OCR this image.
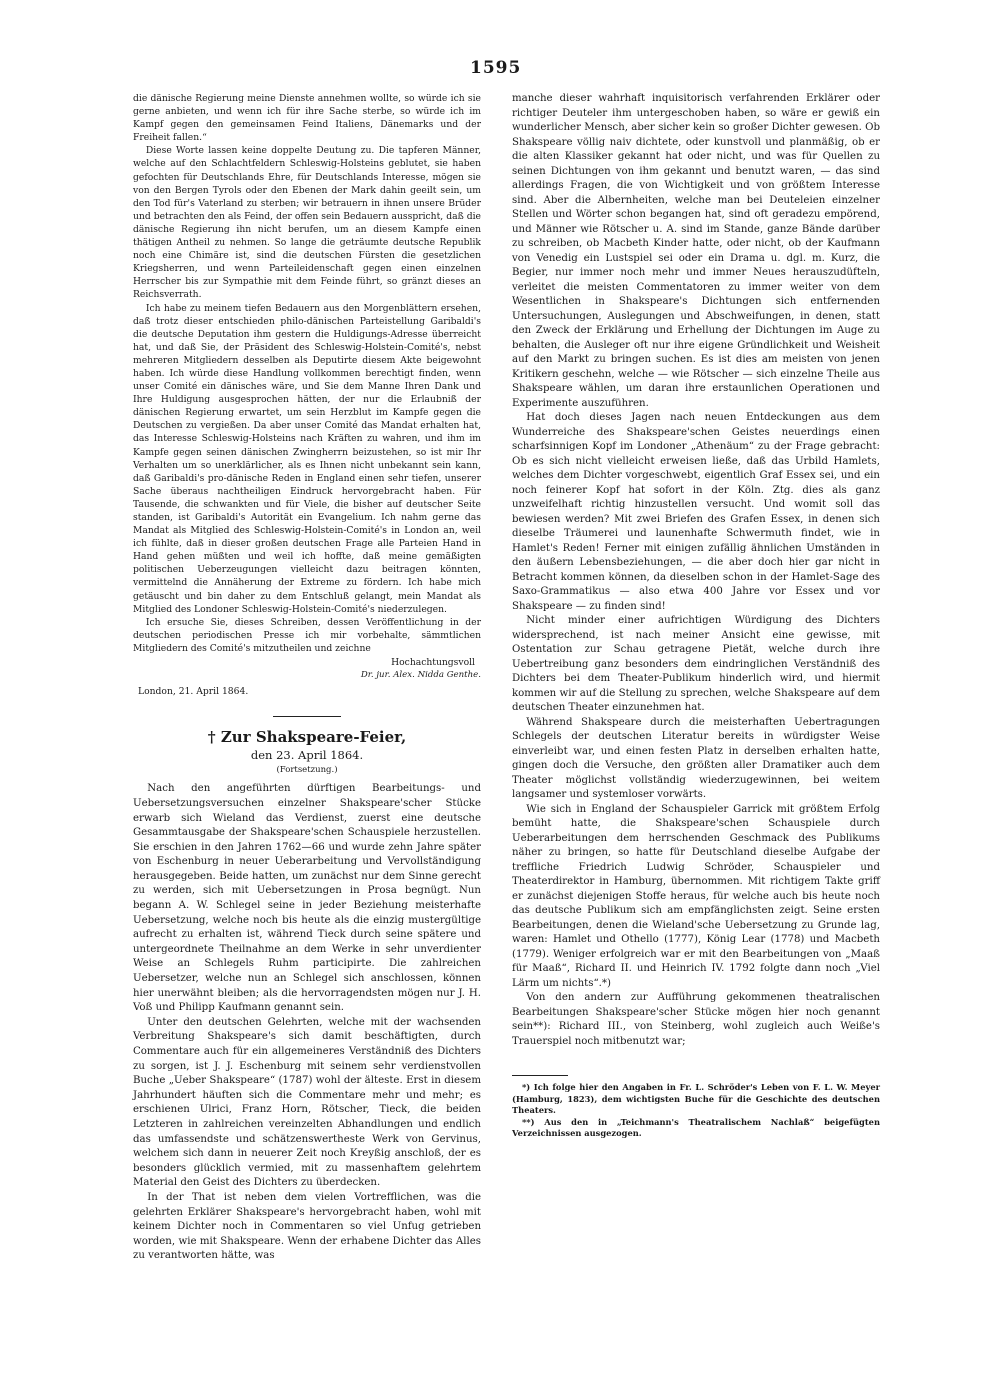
1595

die dänische Regierung meine Dienste annehmen wollte, so würde ich sie gerne anbieten, und wenn ich für ihre Sache sterbe, so würde ich im Kampf gegen den gemeinsamen Feind Italiens, Dänemarks und der Freiheit fallen.“

Diese Worte lassen keine doppelte Deutung zu. Die tapferen Männer, welche auf den Schlachtfeldern Schleswig-Holsteins geblutet, sie haben gefochten für Deutschlands Ehre, für Deutschlands Interesse, mögen sie von den Bergen Tyrols oder den Ebenen der Mark dahin geeilt sein, um den Tod für's Vaterland zu sterben; wir betrauern in ihnen unsere Brüder und betrachten den als Feind, der offen sein Bedauern ausspricht, daß die dänische Regierung ihn nicht berufen, um an diesem Kampfe einen thätigen Antheil zu nehmen. So lange die geträumte deutsche Republik noch eine Chimäre ist, sind die deutschen Fürsten die gesetzlichen Kriegsherren, und wenn Parteileidenschaft gegen einen einzelnen Herrscher bis zur Sympathie mit dem Feinde führt, so gränzt dieses an Reichsverrath.

Ich habe zu meinem tiefen Bedauern aus den Morgenblättern ersehen, daß trotz dieser entschieden philo-dänischen Parteistellung Garibaldi's die deutsche Deputation ihm gestern die Huldigungs-Adresse überreicht hat, und daß Sie, der Präsident des Schleswig-Holstein-Comité's, nebst mehreren Mitgliedern desselben als Deputirte diesem Akte beigewohnt haben. Ich würde diese Handlung vollkommen berechtigt finden, wenn unser Comité ein dänisches wäre, und Sie dem Manne Ihren Dank und Ihre Huldigung ausgesprochen hätten, der nur die Erlaubniß der dänischen Regierung erwartet, um sein Herzblut im Kampfe gegen die Deutschen zu vergießen. Da aber unser Comité das Mandat erhalten hat, das Interesse Schleswig-Holsteins nach Kräften zu wahren, und ihm im Kampfe gegen seinen dänischen Zwingherrn beizustehen, so ist mir Ihr Verhalten um so unerklärlicher, als es Ihnen nicht unbekannt sein kann, daß Garibaldi's pro-dänische Reden in England einen sehr tiefen, unserer Sache überaus nachtheiligen Eindruck hervorgebracht haben. Für Tausende, die schwankten und für Viele, die bisher auf deutscher Seite standen, ist Garibaldi's Autorität ein Evangelium. Ich nahm gerne das Mandat als Mitglied des Schleswig-Holstein-Comité's in London an, weil ich fühlte, daß in dieser großen deutschen Frage alle Parteien Hand in Hand gehen müßten und weil ich hoffte, daß meine gemäßigten politischen Ueberzeugungen vielleicht dazu beitragen könnten, vermittelnd die Annäherung der Extreme zu fördern. Ich habe mich getäuscht und bin daher zu dem Entschluß gelangt, mein Mandat als Mitglied des Londoner Schleswig-Holstein-Comité's niederzulegen.

Ich ersuche Sie, dieses Schreiben, dessen Veröffentlichung in der deutschen periodischen Presse ich mir vorbehalte, sämmtlichen Mitgliedern des Comité's mitzutheilen und zeichne

Hochachtungsvoll
Dr. jur. Alex. Nidda Genthe.
London, 21. April 1864.
† Zur Shakspeare-Feier,
den 23. April 1864.
(Fortsetzung.)

Nach den angeführten dürftigen Bearbeitungs- und Uebersetzungsversuchen einzelner Shakspeare'scher Stücke erwarb sich Wieland das Verdienst, zuerst eine deutsche Gesammtausgabe der Shakspeare'schen Schauspiele herzustellen. Sie erschien in den Jahren 1762—66 und wurde zehn Jahre später von Eschenburg in neuer Ueberarbeitung und Vervollständigung herausgegeben. Beide hatten, um zunächst nur dem Sinne gerecht zu werden, sich mit Uebersetzungen in Prosa begnügt. Nun begann A. W. Schlegel seine in jeder Beziehung meisterhafte Uebersetzung, welche noch bis heute als die einzig mustergültige aufrecht zu erhalten ist, während Tieck durch seine spätere und untergeordnete Theilnahme an dem Werke in sehr unverdienter Weise an Schlegels Ruhm participirte. Die zahlreichen Uebersetzer, welche nun an Schlegel sich anschlossen, können hier unerwähnt bleiben; als die hervorragendsten mögen nur J. H. Voß und Philipp Kaufmann genannt sein.

Unter den deutschen Gelehrten, welche mit der wachsenden Verbreitung Shakspeare's sich damit beschäftigten, durch Commentare auch für ein allgemeineres Verständniß des Dichters zu sorgen, ist J. J. Eschenburg mit seinem sehr verdienstvollen Buche „Ueber Shakspeare“ (1787) wohl der älteste. Erst in diesem Jahrhundert häuften sich die Commentare mehr und mehr; es erschienen Ulrici, Franz Horn, Rötscher, Tieck, die beiden Letzteren in zahlreichen vereinzelten Abhandlungen und endlich das umfassendste und schätzenswertheste Werk von Gervinus, welchem sich dann in neuerer Zeit noch Kreyßig anschloß, der es besonders glücklich vermied, mit zu massenhaftem gelehrtem Material den Geist des Dichters zu überdecken.

In der That ist neben dem vielen Vortrefflichen, was die gelehrten Erklärer Shakspeare's hervorgebracht haben, wohl mit keinem Dichter noch in Commentaren so viel Unfug getrieben worden, wie mit Shakspeare. Wenn der erhabene Dichter das Alles zu verantworten hätte, was

manche dieser wahrhaft inquisitorisch verfahrenden Erklärer oder richtiger Deuteler ihm untergeschoben haben, so wäre er gewiß ein wunderlicher Mensch, aber sicher kein so großer Dichter gewesen. Ob Shakspeare völlig naiv dichtete, oder kunstvoll und planmäßig, ob er die alten Klassiker gekannt hat oder nicht, und was für Quellen zu seinen Dichtungen von ihm gekannt und benutzt waren, — das sind allerdings Fragen, die von Wichtigkeit und von größtem Interesse sind. Aber die Albernheiten, welche man bei Deuteleien einzelner Stellen und Wörter schon begangen hat, sind oft geradezu empörend, und Männer wie Rötscher u. A. sind im Stande, ganze Bände darüber zu schreiben, ob Macbeth Kinder hatte, oder nicht, ob der Kaufmann von Venedig ein Lustspiel sei oder ein Drama u. dgl. m. Kurz, die Begier, nur immer noch mehr und immer Neues herauszudüfteln, verleitet die meisten Commentatoren zu immer weiter von dem Wesentlichen in Shakspeare's Dichtungen sich entfernenden Untersuchungen, Auslegungen und Abschweifungen, in denen, statt den Zweck der Erklärung und Erhellung der Dichtungen im Auge zu behalten, die Ausleger oft nur ihre eigene Gründlichkeit und Weisheit auf den Markt zu bringen suchen. Es ist dies am meisten von jenen Kritikern geschehn, welche — wie Rötscher — sich einzelne Theile aus Shakspeare wählen, um daran ihre erstaunlichen Operationen und Experimente auszuführen.

Hat doch dieses Jagen nach neuen Entdeckungen aus dem Wunderreiche des Shakspeare'schen Geistes neuerdings einen scharfsinnigen Kopf im Londoner „Athenäum“ zu der Frage gebracht: Ob es sich nicht vielleicht erweisen ließe, daß das Urbild Hamlets, welches dem Dichter vorgeschwebt, eigentlich Graf Essex sei, und ein noch feinerer Kopf hat sofort in der Köln. Ztg. dies als ganz unzweifelhaft richtig hinzustellen versucht. Und womit soll das bewiesen werden? Mit zwei Briefen des Grafen Essex, in denen sich dieselbe Träumerei und launenhafte Schwermuth findet, wie in Hamlet's Reden! Ferner mit einigen zufällig ähnlichen Umständen in den äußern Lebensbeziehungen, — die aber doch hier gar nicht in Betracht kommen können, da dieselben schon in der Hamlet-Sage des Saxo-Grammatikus — also etwa 400 Jahre vor Essex und vor Shakspeare — zu finden sind!

Nicht minder einer aufrichtigen Würdigung des Dichters widersprechend, ist nach meiner Ansicht eine gewisse, mit Ostentation zur Schau getragene Pietät, welche durch ihre Uebertreibung ganz besonders dem eindringlichen Verständniß des Dichters bei dem Theater-Publikum hinderlich wird, und hiermit kommen wir auf die Stellung zu sprechen, welche Shakspeare auf dem deutschen Theater einzunehmen hat.

Während Shakspeare durch die meisterhaften Uebertragungen Schlegels der deutschen Literatur bereits in würdigster Weise einverleibt war, und einen festen Platz in derselben erhalten hatte, gingen doch die Versuche, den größten aller Dramatiker auch dem Theater möglichst vollständig wiederzugewinnen, bei weitem langsamer und systemloser vorwärts.

Wie sich in England der Schauspieler Garrick mit größtem Erfolg bemüht hatte, die Shakspeare'schen Schauspiele durch Ueberarbeitungen dem herrschenden Geschmack des Publikums näher zu bringen, so hatte für Deutschland dieselbe Aufgabe der treffliche Friedrich Ludwig Schröder, Schauspieler und Theaterdirektor in Hamburg, übernommen. Mit richtigem Takte griff er zunächst diejenigen Stoffe heraus, für welche auch bis heute noch das deutsche Publikum sich am empfänglichsten zeigt. Seine ersten Bearbeitungen, denen die Wieland'sche Uebersetzung zu Grunde lag, waren: Hamlet und Othello (1777), König Lear (1778) und Macbeth (1779). Weniger erfolgreich war er mit den Bearbeitungen von „Maaß für Maaß“, Richard II. und Heinrich IV. 1792 folgte dann noch „Viel Lärm um nichts“.*)

Von den andern zur Aufführung gekommenen theatralischen Bearbeitungen Shakspeare'scher Stücke mögen hier noch genannt sein**): Richard III., von Steinberg, wohl zugleich auch Weiße's Trauerspiel noch mitbenutzt war;

*) Ich folge hier den Angaben in Fr. L. Schröder's Leben von F. L. W. Meyer (Hamburg, 1823), dem wichtigsten Buche für die Geschichte des deutschen Theaters.

**) Aus den in „Teichmann's Theatralischem Nachlaß“ beigefügten Verzeichnissen ausgezogen.
